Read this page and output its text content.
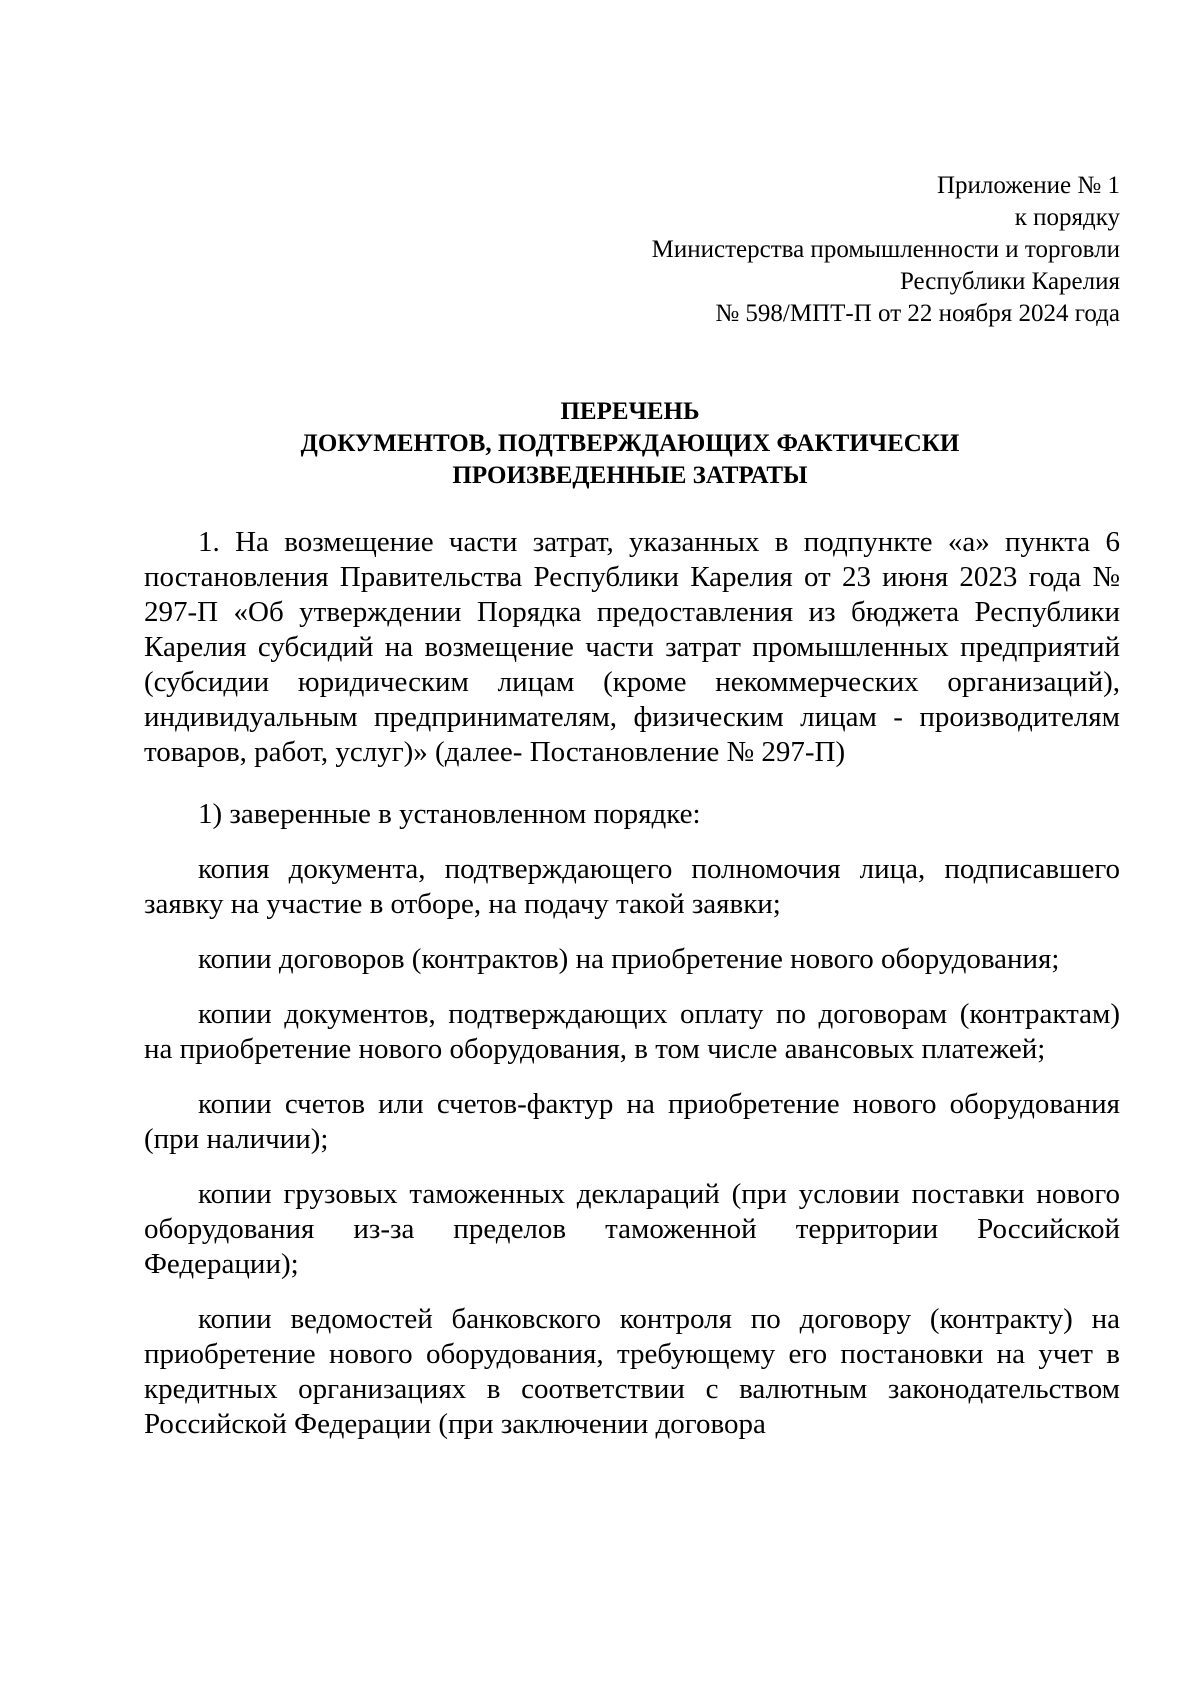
Приложение № 1
к порядку
Министерства промышленности и торговли
Республики Карелия
№ 598/МПТ-П от 22 ноября 2024 года
ПЕРЕЧЕНЬ
ДОКУМЕНТОВ, ПОДТВЕРЖДАЮЩИХ ФАКТИЧЕСКИ
ПРОИЗВЕДЕННЫЕ ЗАТРАТЫ

1. На возмещение части затрат, указанных в подпункте «а» пункта 6 постановления Правительства Республики Карелия от 23 июня 2023 года № 297-П «Об утверждении Порядка предоставления из бюджета Республики Карелия субсидий на возмещение части затрат промышленных предприятий (субсидии юридическим лицам (кроме некоммерческих организаций), индивидуальным предпринимателям, физическим лицам - производителям товаров, работ, услуг)» (далее- Постановление № 297-П)

1) заверенные в установленном порядке:

копия документа, подтверждающего полномочия лица, подписавшего заявку на участие в отборе, на подачу такой заявки;

копии договоров (контрактов) на приобретение нового оборудования;

копии документов, подтверждающих оплату по договорам (контрактам) на приобретение нового оборудования, в том числе авансовых платежей;

копии счетов или счетов-фактур на приобретение нового оборудования (при наличии);

копии грузовых таможенных деклараций (при условии поставки нового оборудования из-за пределов таможенной территории Российской Федерации);

копии ведомостей банковского контроля по договору (контракту) на приобретение нового оборудования, требующему его постановки на учет в кредитных организациях в соответствии с валютным законодательством Российской Федерации (при заключении договора
